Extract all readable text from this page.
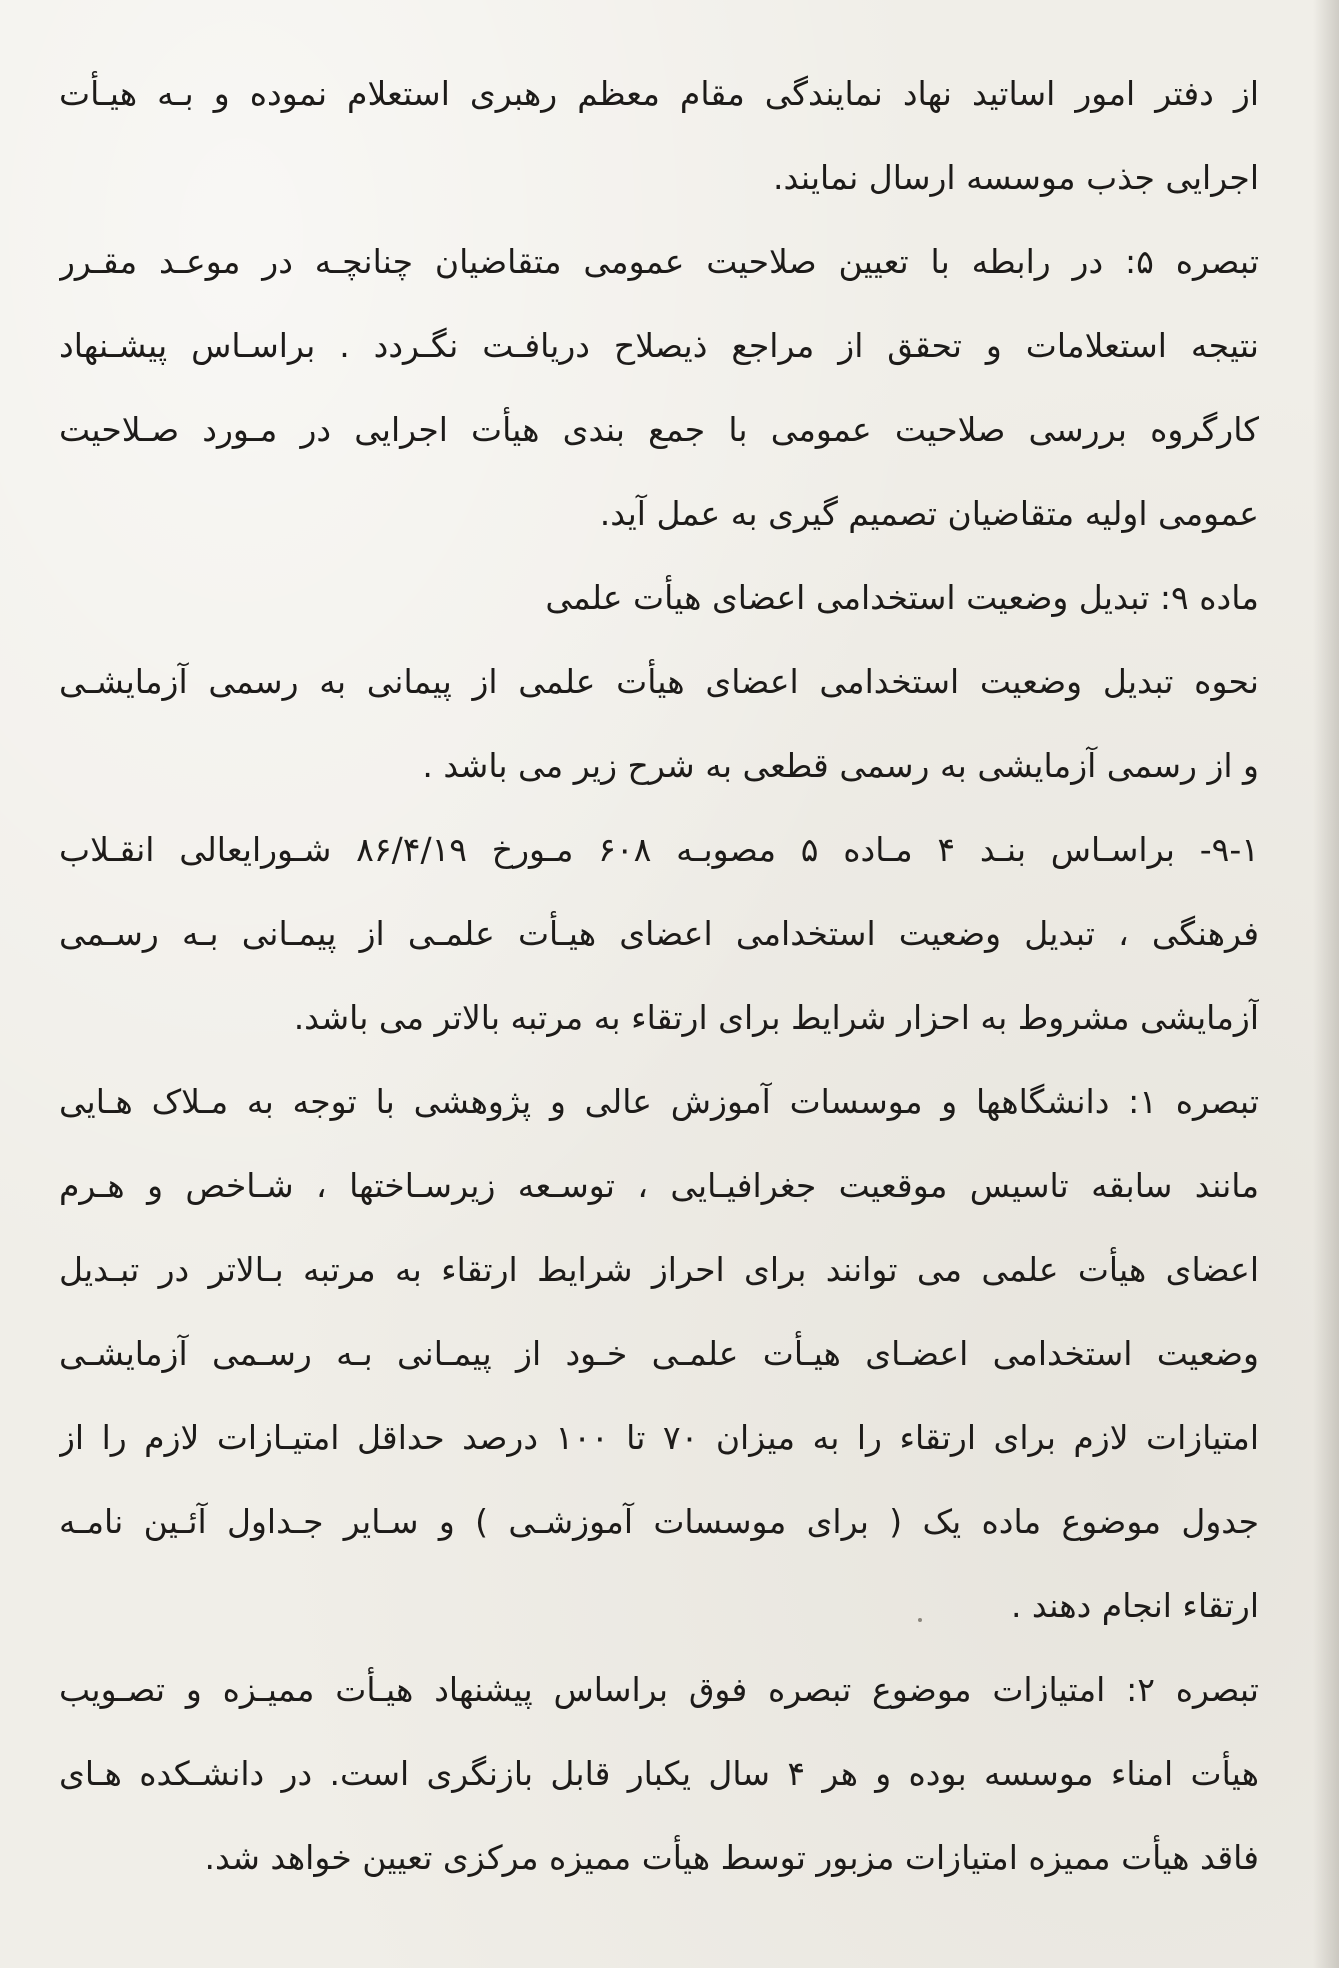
از دفتر امور اساتید نهاد نمایندگی مقام معظم رهبری استعلام نموده و بـه هیـأت
اجرایی جذب موسسه ارسال نمایند.
تبصره ۵: در رابطه با تعیین صلاحیت عمومی متقاضیان چنانچـه در موعـد مقـرر
نتیجه استعلامات و تحقق از مراجع ذیصلاح دریافـت نگـردد . براسـاس پیشـنهاد
کارگروه بررسی صلاحیت عمومی با جمع بندی هیأت اجرایی در مـورد صـلاحیت
عمومی اولیه متقاضیان تصمیم گیری به عمل آید.
ماده ۹: تبدیل وضعیت استخدامی اعضای هیأت علمی
نحوه تبدیل وضعیت استخدامی اعضای هیأت علمی از پیمانی به رسمی آزمایشـی
و از رسمی آزمایشی به رسمی قطعی به شرح زیر می باشد .
۹-۱- براسـاس بنـد ۴ مـاده ۵ مصوبـه ۶۰۸ مـورخ ۸۶/۴/۱۹ شـورایعالی انقـلاب
فرهنگی ، تبدیل وضعیت استخدامی اعضای هیـأت علمـی از پیمـانی بـه رسـمی
آزمایشی مشروط به احزار شرایط برای ارتقاء به مرتبه بالاتر می باشد.
تبصره ۱: دانشگاهها و موسسات آموزش عالی و پژوهشی با توجه به مـلاک هـایی
مانند سابقه تاسیس موقعیت جغرافیـایی ، توسـعه زیرسـاختها ، شـاخص و هـرم
اعضای هیأت علمی می توانند برای احراز شرایط ارتقاء به مرتبه بـالاتر در تبـدیل
وضعیت استخدامی اعضـای هیـأت علمـی خـود از پیمـانی بـه رسـمی آزمایشـی
امتیازات لازم برای ارتقاء را به میزان ۷۰ تا ۱۰۰ درصد حداقل امتیـازات لازم را از
جدول موضوع ماده یک ( برای موسسات آموزشـی ) و سـایر جـداول آئـین نامـه
ارتقاء انجام دهند .
تبصره ۲: امتیازات موضوع تبصره فوق براساس پیشنهاد هیـأت ممیـزه و تصـویب
هیأت امناء موسسه بوده و هر ۴ سال یکبار قابل بازنگری است. در دانشـکده هـای
فاقد هیأت ممیزه امتیازات مزبور توسط هیأت ممیزه مرکزی تعیین خواهد شد.
